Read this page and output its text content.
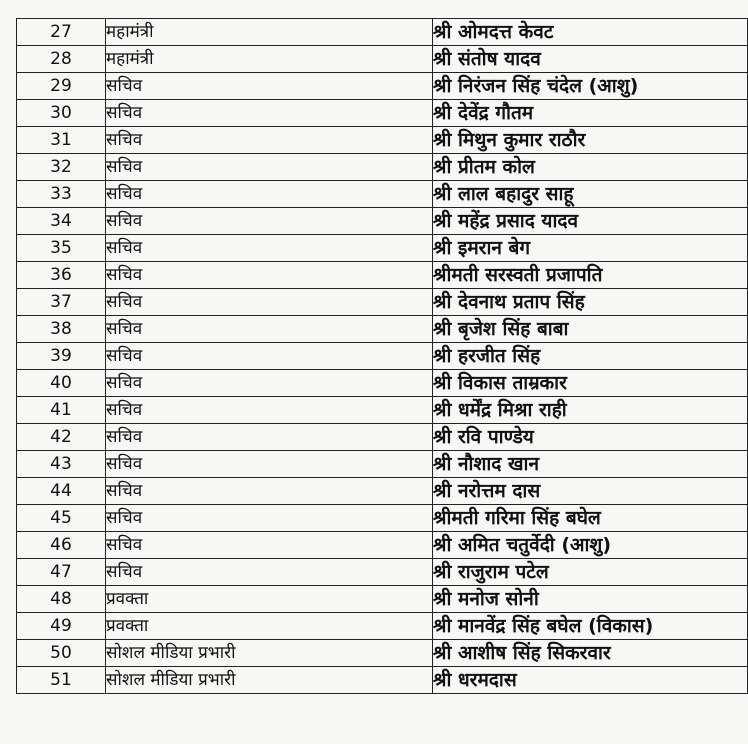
27	महामंत्री	श्री ओमदत्त केवट
28	महामंत्री	श्री संतोष यादव
29	सचिव	श्री निरंजन सिंह चंदेल (आशु)
30	सचिव	श्री देवेंद्र गौतम
31	सचिव	श्री मिथुन कुमार राठौर
32	सचिव	श्री प्रीतम कोल
33	सचिव	श्री लाल बहादुर साहू
34	सचिव	श्री महेंद्र प्रसाद यादव
35	सचिव	श्री इमरान बेग
36	सचिव	श्रीमती सरस्वती प्रजापति
37	सचिव	श्री देवनाथ प्रताप सिंह
38	सचिव	श्री बृजेश सिंह बाबा
39	सचिव	श्री हरजीत सिंह
40	सचिव	श्री विकास ताम्रकार
41	सचिव	श्री धर्मेंद्र मिश्रा राही
42	सचिव	श्री रवि पाण्डेय
43	सचिव	श्री नौशाद खान
44	सचिव	श्री नरोत्तम दास
45	सचिव	श्रीमती गरिमा सिंह बघेल
46	सचिव	श्री अमित चतुर्वेदी (आशु)
47	सचिव	श्री राजुराम पटेल
48	प्रवक्ता	श्री मनोज सोनी
49	प्रवक्ता	श्री मानवेंद्र सिंह बघेल (विकास)
50	सोशल मीडिया प्रभारी	श्री आशीष सिंह सिकरवार
51	सोशल मीडिया प्रभारी	श्री धरमदास
